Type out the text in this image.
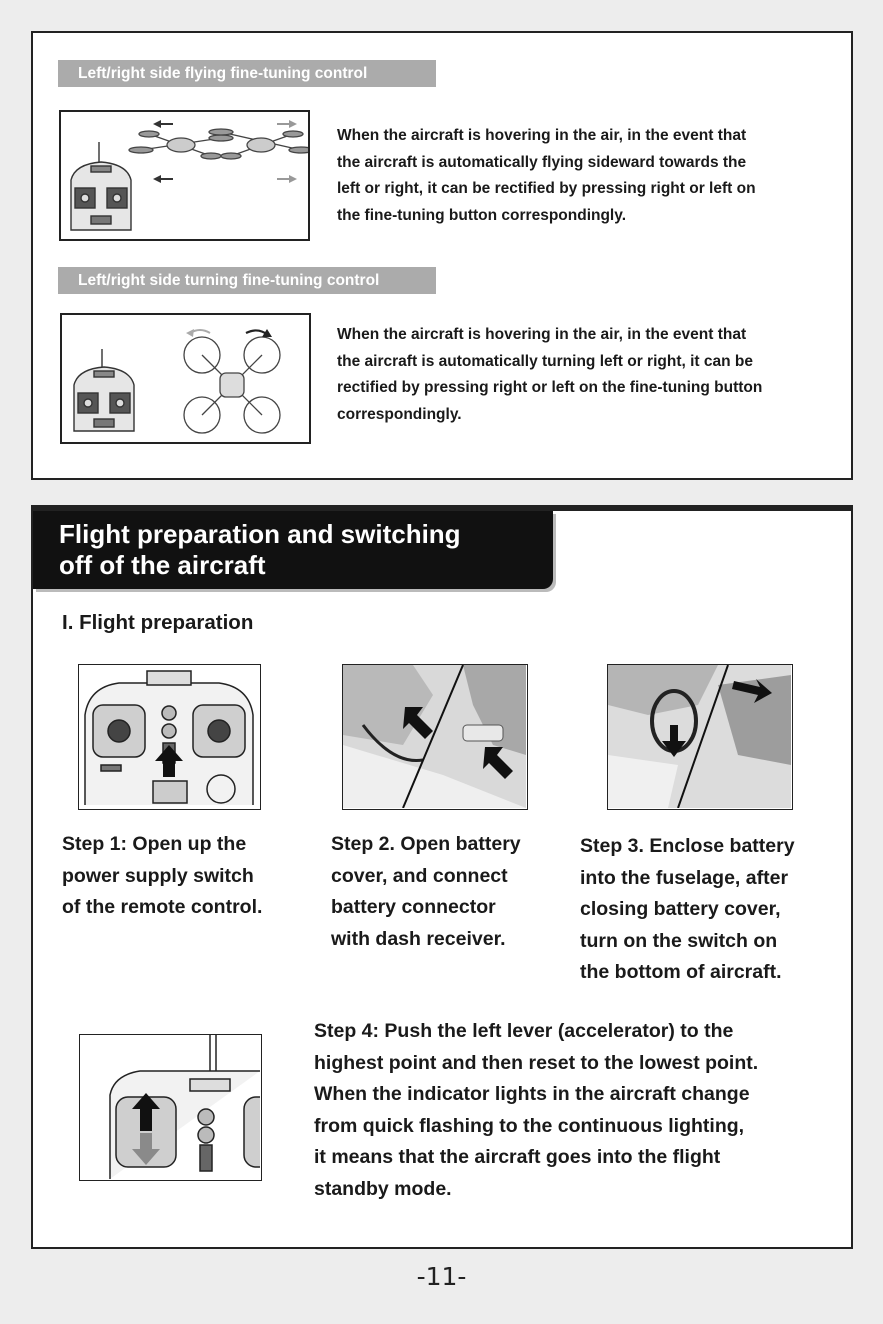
Left/right side flying fine-tuning control
When the aircraft is hovering in the air, in the event that
the aircraft is automatically flying sideward towards the
left or right, it can be rectified by pressing right or left on
the fine-tuning button correspondingly.
Left/right side turning fine-tuning control
When the aircraft is hovering in the air, in the event that
the aircraft is automatically turning left or right, it can be
rectified by pressing right or left on the fine-tuning button
correspondingly.
Flight preparation and switching
off of the aircraft
I. Flight preparation
Step 1: Open up the
power supply switch
of the remote control.
Step 2. Open battery
cover, and connect
battery connector
with dash receiver.
Step 3. Enclose battery
into the fuselage, after
closing battery cover,
turn on the switch on
the bottom of aircraft.
Step 4: Push the left lever (accelerator) to the
highest point and then reset to the lowest point.
When the indicator lights in the aircraft change
from quick flashing to the continuous lighting,
it means that the aircraft goes into the flight
standby mode.
-11-
